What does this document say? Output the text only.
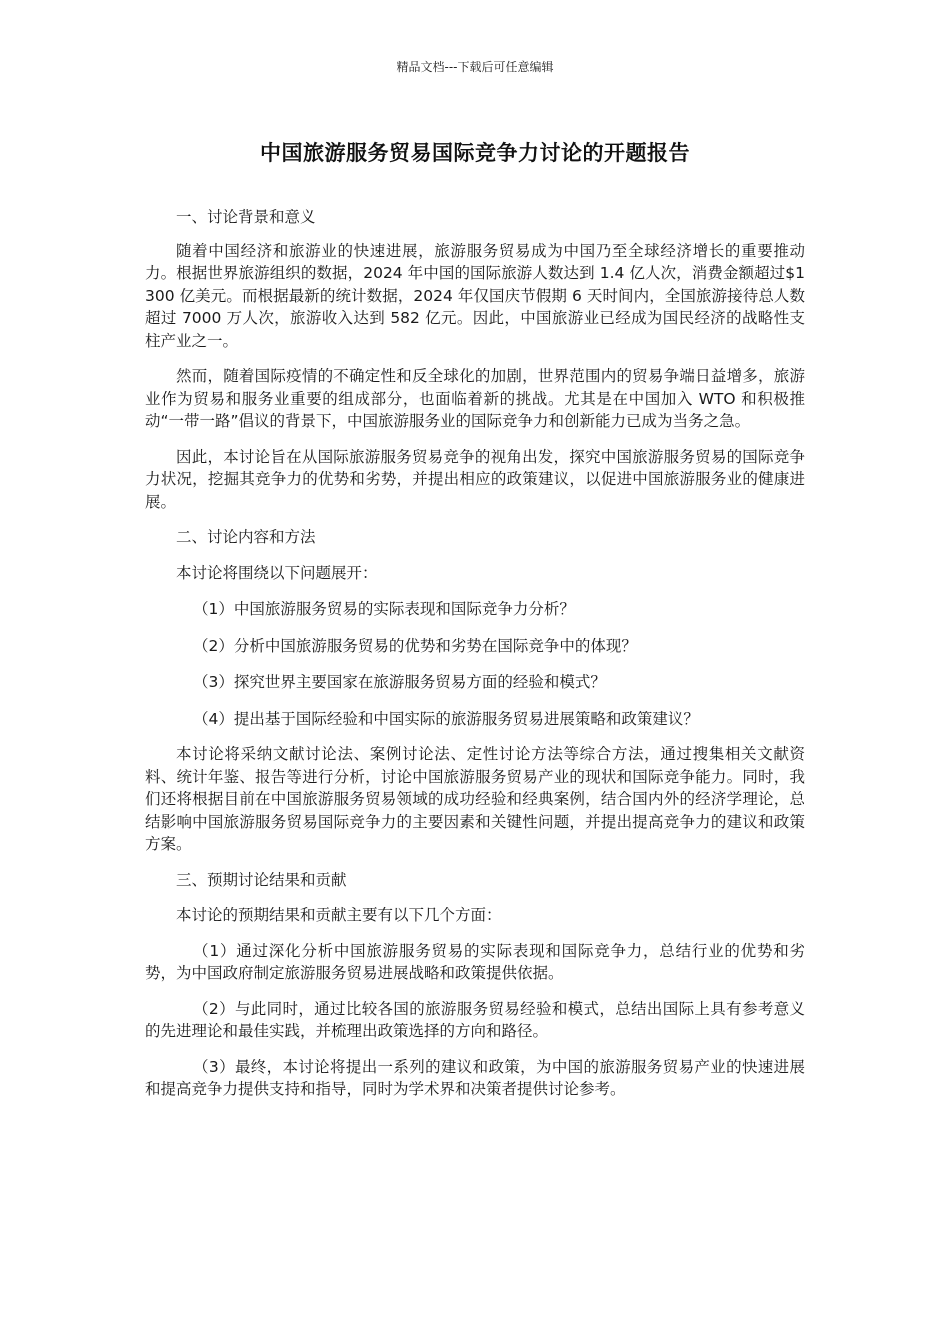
精品文档---下载后可任意编辑
中国旅游服务贸易国际竞争力讨论的开题报告

一、讨论背景和意义

随着中国经济和旅游业的快速进展，旅游服务贸易成为中国乃至全球经济增长的重要推动力。根据世界旅游组织的数据，2024 年中国的国际旅游人数达到 1.4 亿人次，消费金额超过$1300 亿美元。而根据最新的统计数据，2024 年仅国庆节假期 6 天时间内，全国旅游接待总人数超过 7000 万人次，旅游收入达到 582 亿元。因此，中国旅游业已经成为国民经济的战略性支柱产业之一。

然而，随着国际疫情的不确定性和反全球化的加剧，世界范围内的贸易争端日益增多，旅游业作为贸易和服务业重要的组成部分，也面临着新的挑战。尤其是在中国加入 WTO 和积极推动“一带一路”倡议的背景下，中国旅游服务业的国际竞争力和创新能力已成为当务之急。

因此，本讨论旨在从国际旅游服务贸易竞争的视角出发，探究中国旅游服务贸易的国际竞争力状况，挖掘其竞争力的优势和劣势，并提出相应的政策建议，以促进中国旅游服务业的健康进展。

二、讨论内容和方法

本讨论将围绕以下问题展开：

（1）中国旅游服务贸易的实际表现和国际竞争力分析？

（2）分析中国旅游服务贸易的优势和劣势在国际竞争中的体现？

（3）探究世界主要国家在旅游服务贸易方面的经验和模式？

（4）提出基于国际经验和中国实际的旅游服务贸易进展策略和政策建议？

本讨论将采纳文献讨论法、案例讨论法、定性讨论方法等综合方法，通过搜集相关文献资料、统计年鉴、报告等进行分析，讨论中国旅游服务贸易产业的现状和国际竞争能力。同时，我们还将根据目前在中国旅游服务贸易领域的成功经验和经典案例，结合国内外的经济学理论，总结影响中国旅游服务贸易国际竞争力的主要因素和关键性问题，并提出提高竞争力的建议和政策方案。

三、预期讨论结果和贡献

本讨论的预期结果和贡献主要有以下几个方面：

（1）通过深化分析中国旅游服务贸易的实际表现和国际竞争力，总结行业的优势和劣势，为中国政府制定旅游服务贸易进展战略和政策提供依据。

（2）与此同时，通过比较各国的旅游服务贸易经验和模式，总结出国际上具有参考意义的先进理论和最佳实践，并梳理出政策选择的方向和路径。

（3）最终，本讨论将提出一系列的建议和政策，为中国的旅游服务贸易产业的快速进展和提高竞争力提供支持和指导，同时为学术界和决策者提供讨论参考。
